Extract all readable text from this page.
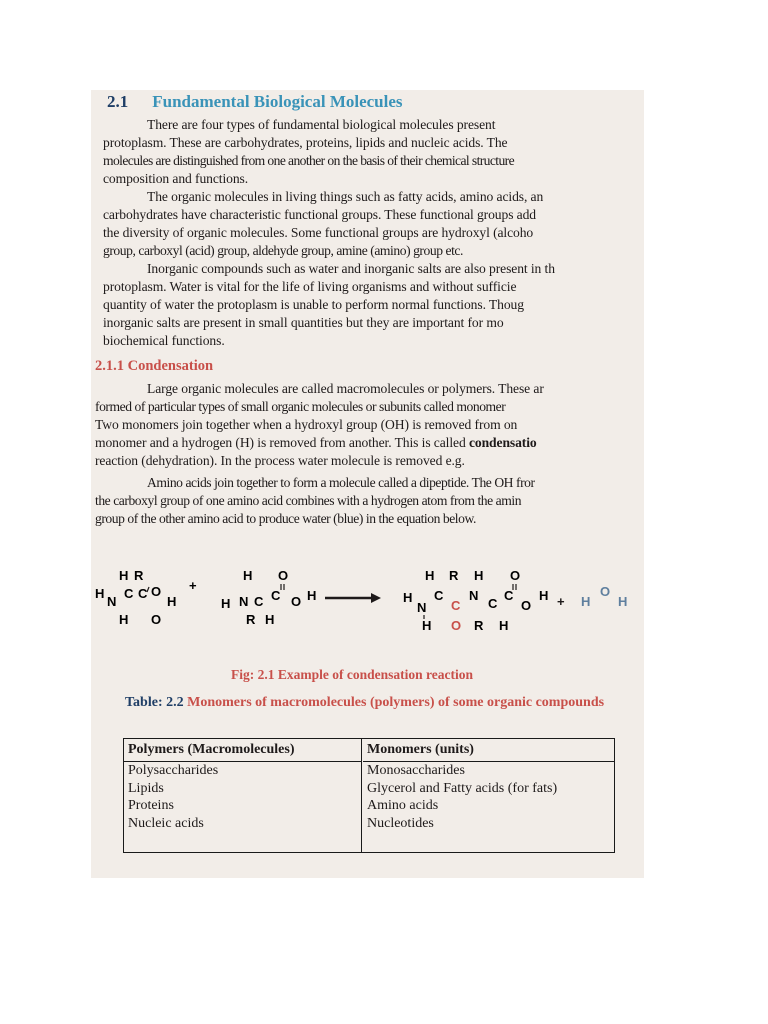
2.1 Fundamental Biological Molecules
There are four types of fundamental biological molecules present
protoplasm. These are carbohydrates, proteins, lipids and nucleic acids. The
molecules are distinguished from one another on the basis of their chemical structure
composition and functions.
The organic molecules in living things such as fatty acids, amino acids, an
carbohydrates have characteristic functional groups. These functional groups add
the diversity of organic molecules. Some functional groups are hydroxyl (alcoho
group, carboxyl (acid) group, aldehyde group, amine (amino) group etc.
Inorganic compounds such as water and inorganic salts are also present in th
protoplasm. Water is vital for the life of living organisms and without sufficie
quantity of water the protoplasm is unable to perform normal functions. Thoug
inorganic salts are present in small quantities but they are important for mo
biochemical functions.
2.1.1 Condensation
Large organic molecules are called macromolecules or polymers. These ar
formed of particular types of small organic molecules or subunits called monomer
Two monomers join together when a hydroxyl group (OH) is removed from on
monomer and a hydrogen (H) is removed from another. This is called condensatio
reaction (dehydration). In the process water molecule is removed e.g.
Amino acids join together to form a molecule called a dipeptide. The OH fror
the carboxyl group of one amino acid combines with a hydrogen atom from the amin
group of the other amino acid to produce water (blue) in the equation below.
H R
H
N
C C O
H
H O
+
H O
H N C C O H
R H
H R H O
H
N
C
C
N
C
C
O
H
H O R H
+ H
O
H
Fig: 2.1 Example of condensation reaction
Table: 2.2 Monomers of macromolecules (polymers) of some organic compounds
Polymers (Macromolecules)
Polysaccharides
Lipids
Proteins
Nucleic acids
Monomers (units)
Monosaccharides
Glycerol and Fatty acids (for fats)
Amino acids
Nucleotides
